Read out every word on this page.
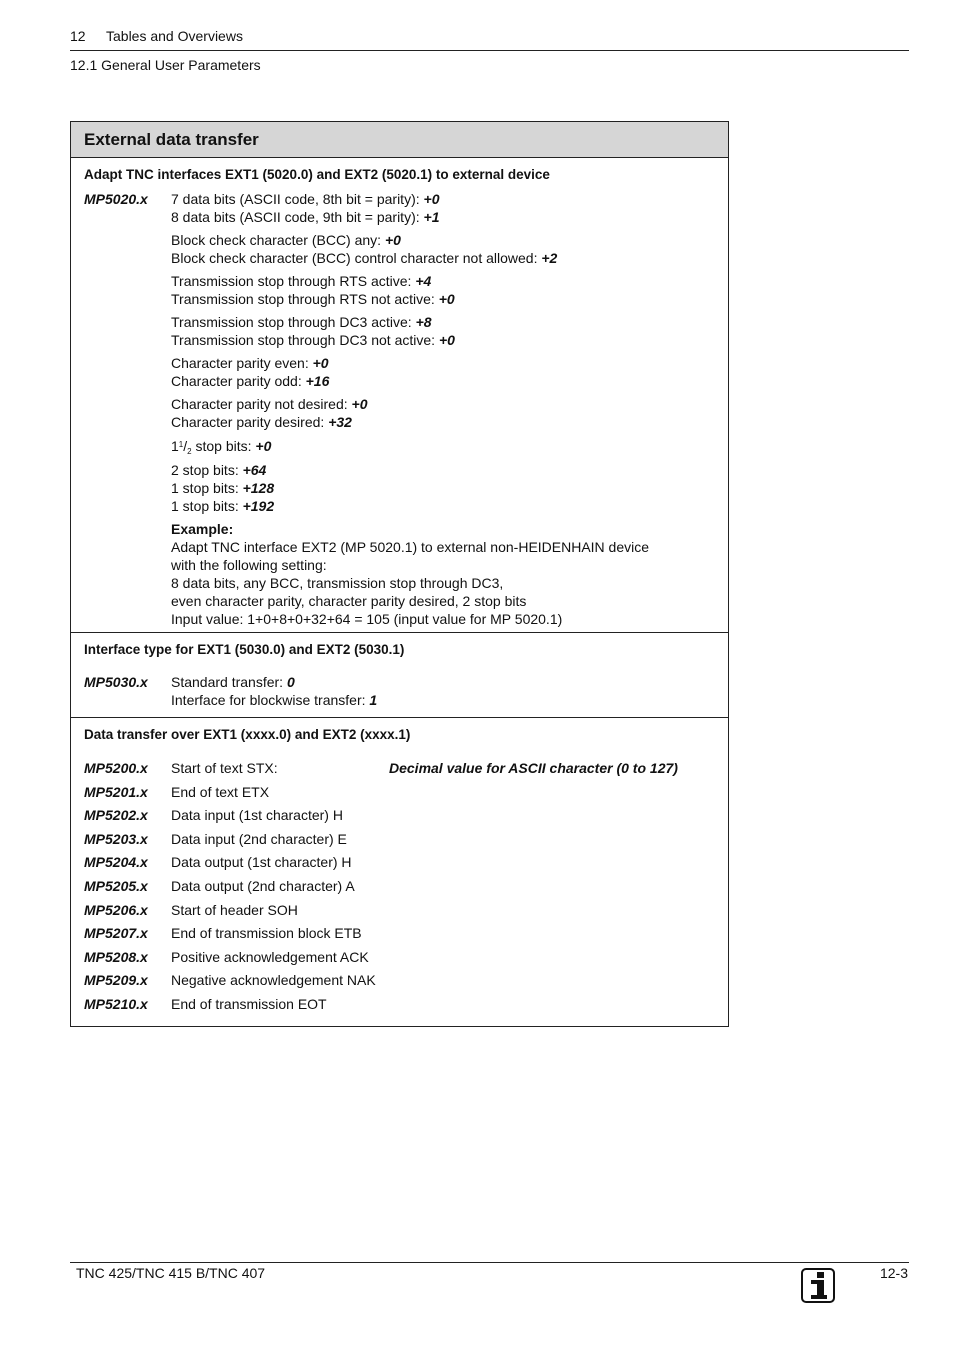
12 Tables and Overviews
12.1 General User Parameters
External data transfer
Adapt TNC interfaces EXT1 (5020.0) and EXT2 (5020.1) to external device
MP5020.x	7 data bits (ASCII code, 8th bit = parity): +0
8 data bits (ASCII code, 9th bit = parity): +1
Block check character (BCC) any: +0
Block check character (BCC) control character not allowed: +2
Transmission stop through RTS active: +4
Transmission stop through RTS not active: +0
Transmission stop through DC3 active: +8
Transmission stop through DC3 not active: +0
Character parity even: +0
Character parity odd: +16
Character parity not desired: +0
Character parity desired: +32
$1^1/_2$ stop bits: +0
2 stop bits: +64
1 stop bits: +128
1 stop bits: +192
Example:
Adapt TNC interface EXT2 (MP 5020.1) to external non-HEIDENHAIN device
with the following setting:
8 data bits, any BCC, transmission stop through DC3,
even character parity, character parity desired, 2 stop bits
Input value: 1+0+8+0+32+64 = 105 (input value for MP 5020.1)
Interface type for EXT1 (5030.0) and EXT2 (5030.1)
MP5030.x	Standard transfer: 0
Interface for blockwise transfer: 1
Data transfer over EXT1 (xxxx.0) and EXT2 (xxxx.1)
MP5200.x	Start of text STX:	Decimal value for ASCII character (0 to 127)
MP5201.x	End of text ETX
MP5202.x	Data input (1st character) H
MP5203.x	Data input (2nd character) E
MP5204.x	Data output (1st character) H
MP5205.x	Data output (2nd character) A
MP5206.x	Start of header SOH
MP5207.x	End of transmission block ETB
MP5208.x	Positive acknowledgement ACK
MP5209.x	Negative acknowledgement NAK
MP5210.x	End of transmission EOT
TNC 425/TNC 415 B/TNC 407	12-3
